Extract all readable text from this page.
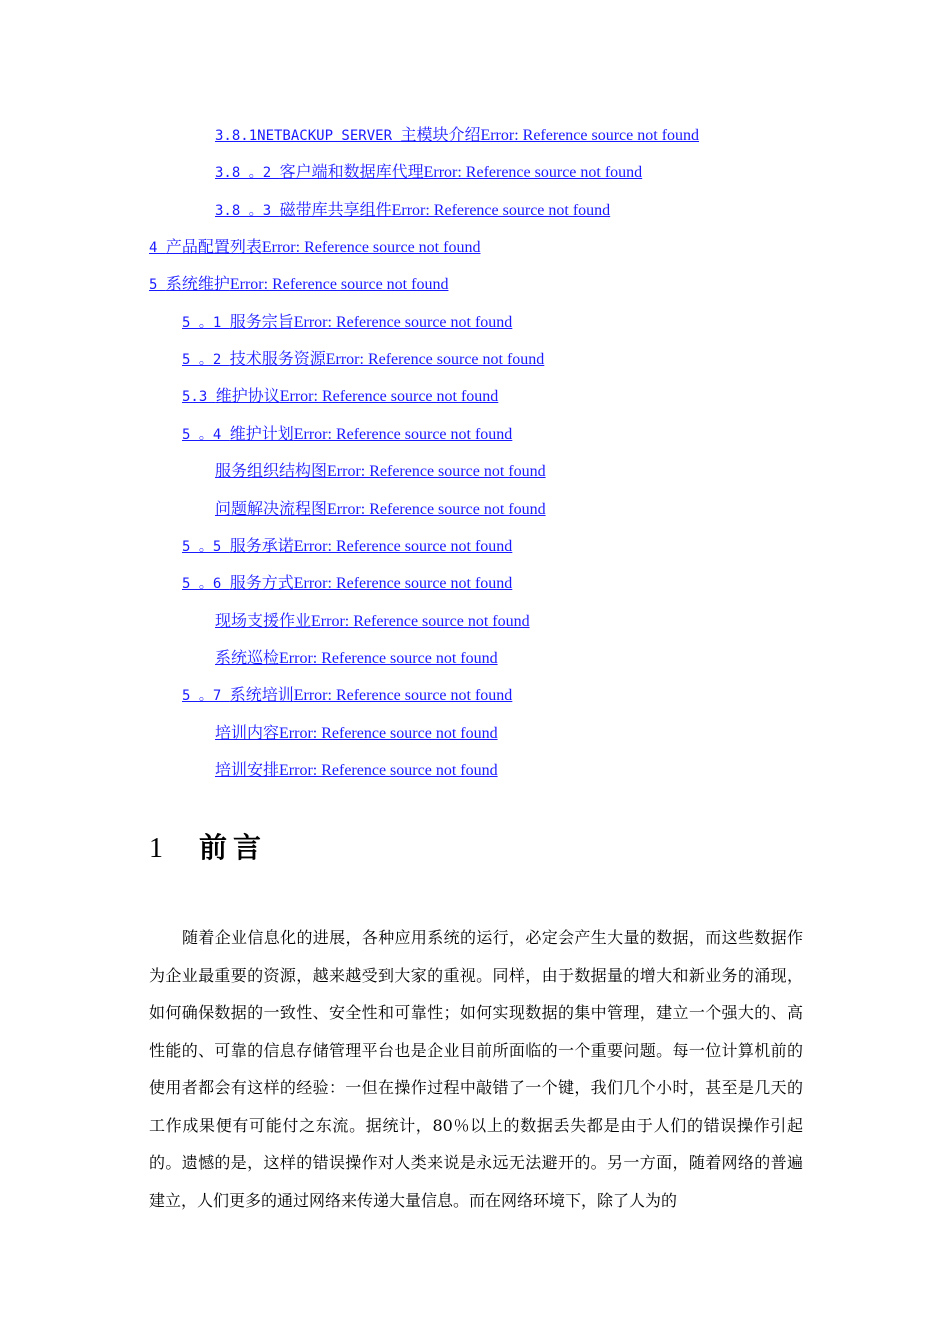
3.8.1NETBACKUP SERVER 主模块介绍Error: Reference source not found
3.8 。2 客户端和数据库代理Error: Reference source not found
3.8 。3 磁带库共享组件Error: Reference source not found
4 产品配置列表Error: Reference source not found
5 系统维护Error: Reference source not found
5 。1 服务宗旨Error: Reference source not found
5 。2 技术服务资源Error: Reference source not found
5.3 维护协议Error: Reference source not found
5 。4 维护计划Error: Reference source not found
服务组织结构图Error: Reference source not found
问题解决流程图Error: Reference source not found
5 。5 服务承诺Error: Reference source not found
5 。6 服务方式Error: Reference source not found
现场支援作业Error: Reference source not found
系统巡检Error: Reference source not found
5 。7 系统培训Error: Reference source not found
培训内容Error: Reference source not found
培训安排Error: Reference source not found
1 前言
随着企业信息化的进展，各种应用系统的运行，必定会产生大量的数据，而这些数据作为企业最重要的资源，越来越受到大家的重视。同样，由于数据量的增大和新业务的涌现，如何确保数据的一致性、安全性和可靠性；如何实现数据的集中管理，建立一个强大的、高性能的、可靠的信息存储管理平台也是企业目前所面临的一个重要问题。每一位计算机前的使用者都会有这样的经验：一但在操作过程中敲错了一个键，我们几个小时，甚至是几天的工作成果便有可能付之东流。据统计，80％以上的数据丢失都是由于人们的错误操作引起的。遗憾的是，这样的错误操作对人类来说是永远无法避开的。另一方面，随着网络的普遍建立，人们更多的通过网络来传递大量信息。而在网络环境下，除了人为的
